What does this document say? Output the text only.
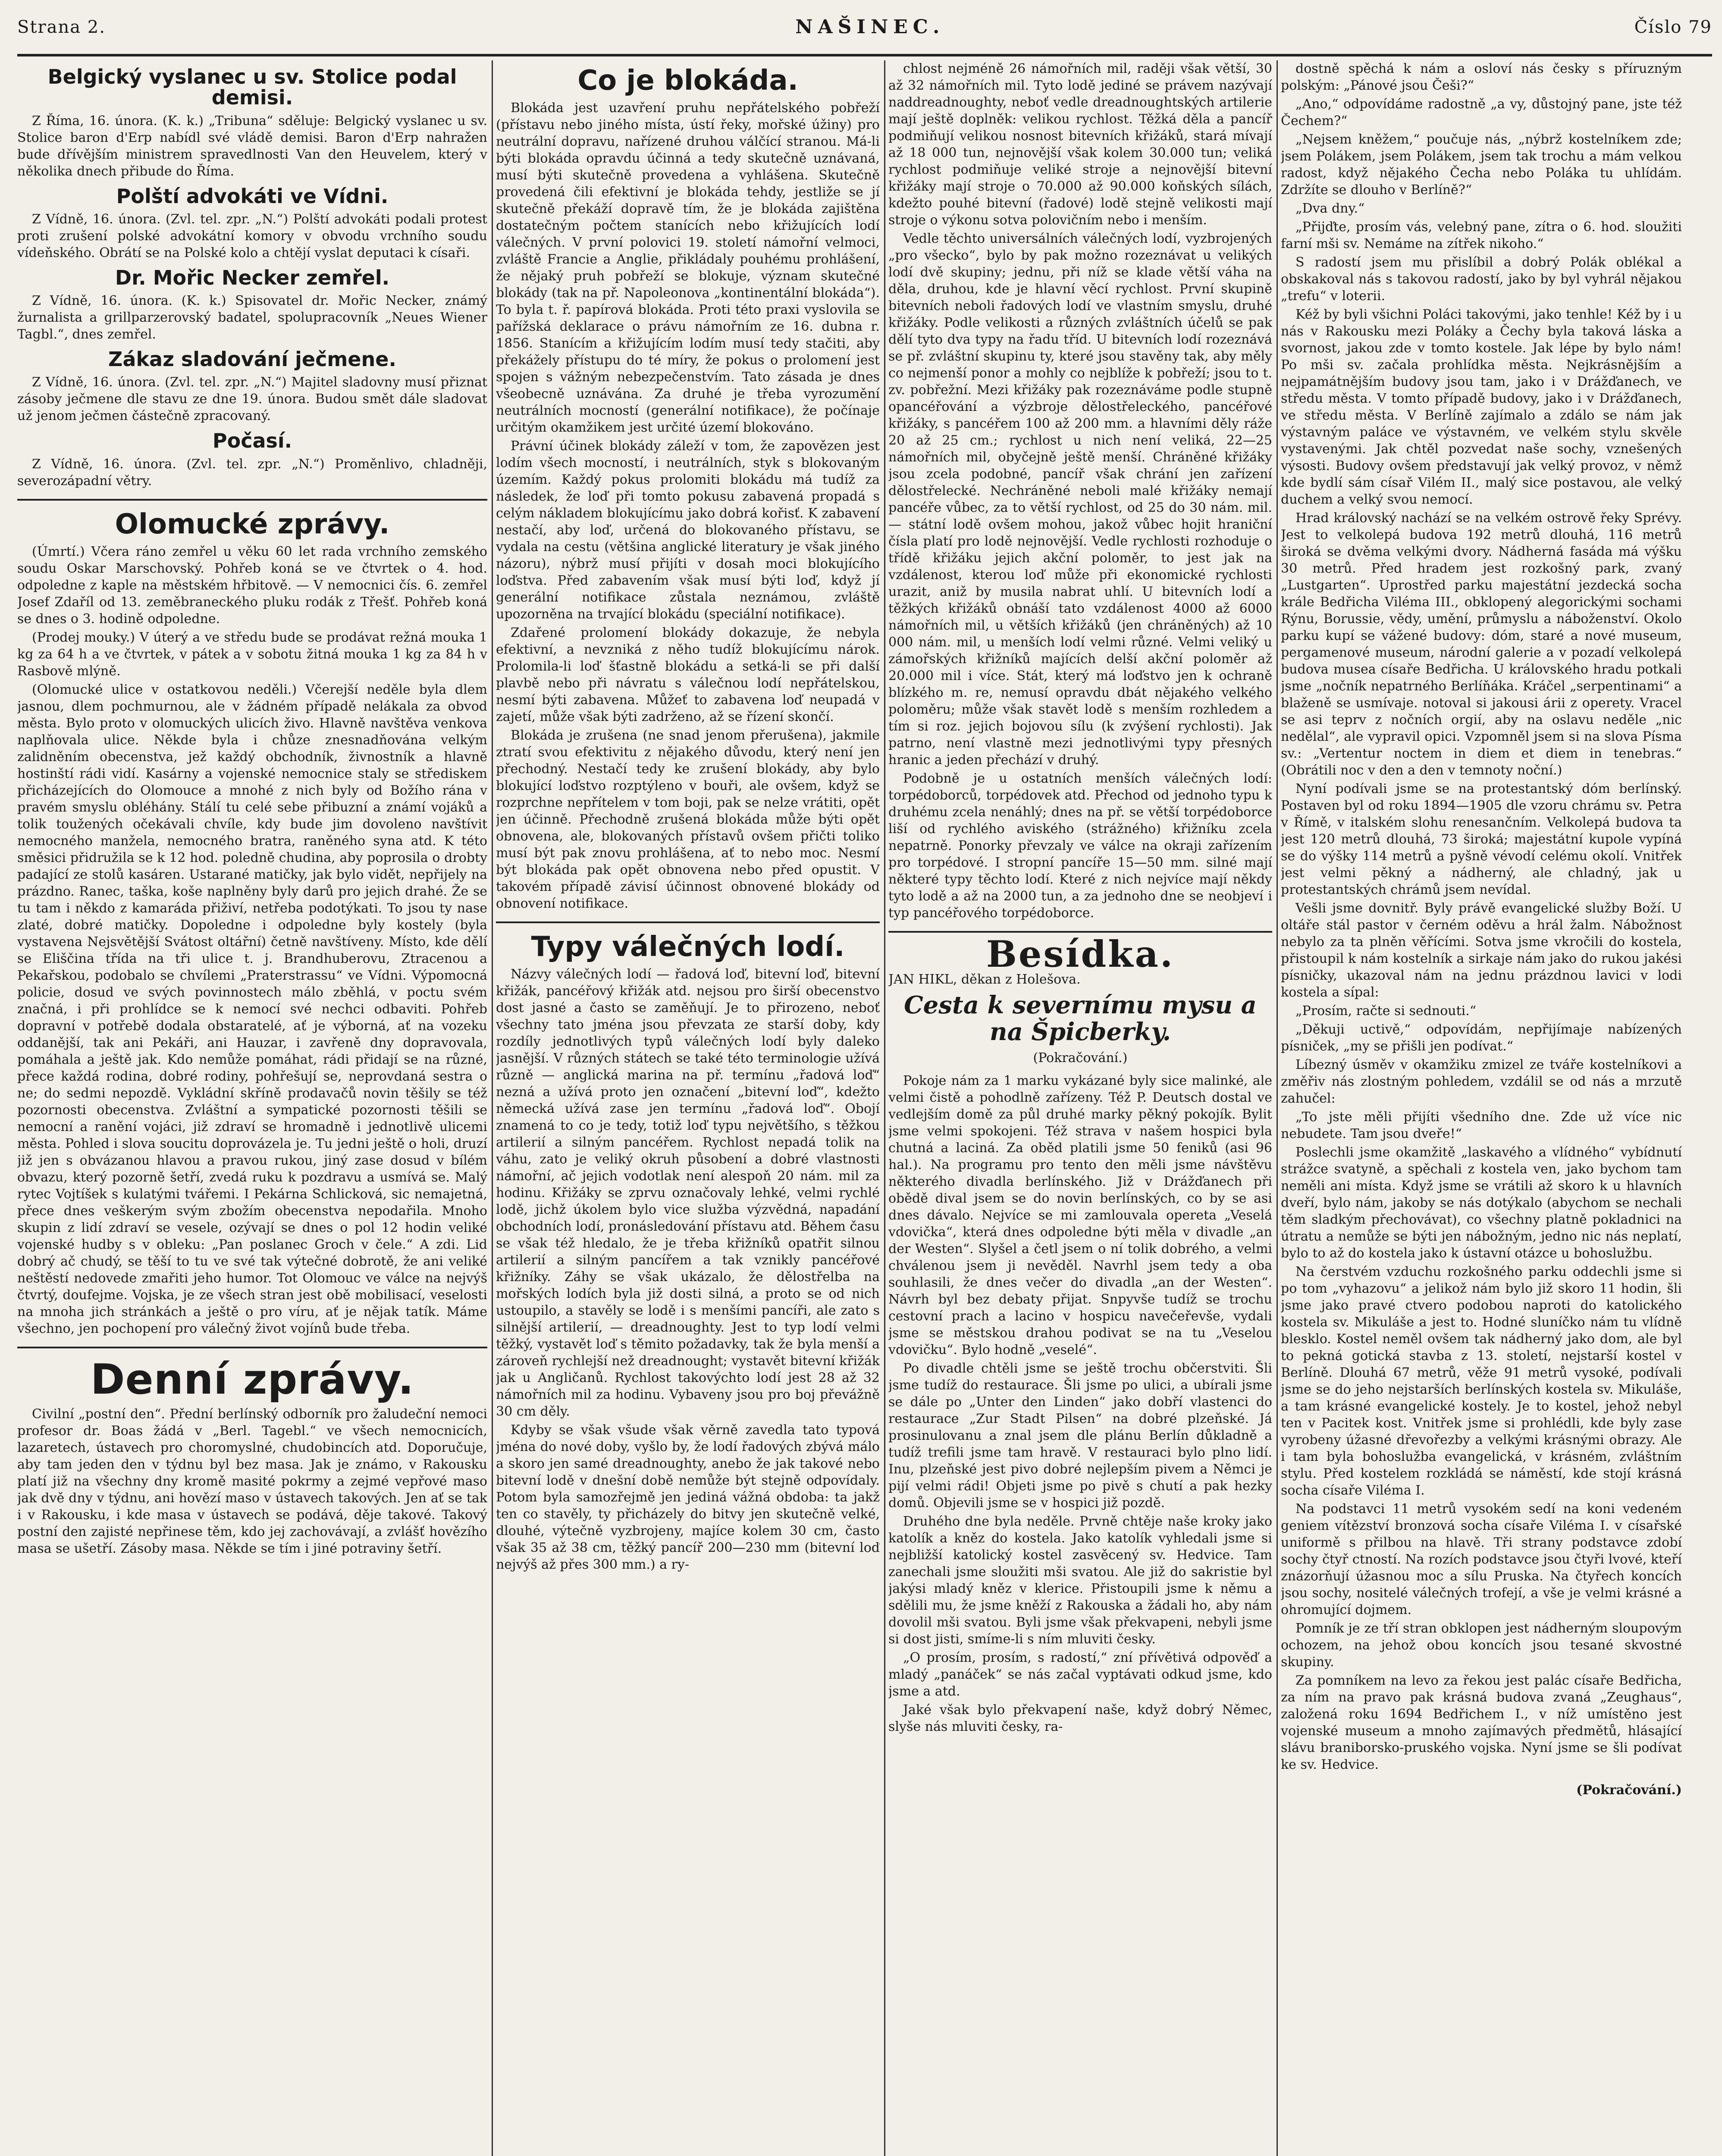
Strana 2.	NAŠINEC.	Číslo 79
Belgický vyslanec u sv. Stolice podal demisi.

Z Říma, 16. února. (K. k.) „Tribuna“ sděluje: Belgický vyslanec u sv. Stolice baron d'Erp nabídl své vládě demisi. Baron d'Erp nahražen bude dřívějším ministrem spravedlnosti Van den Heuvelem, který v několika dnech přibude do Říma.

Polští advokáti ve Vídni.

Z Vídně, 16. února. (Zvl. tel. zpr. „N.“) Polští advokáti podali protest proti zrušení polské advokátní komory v obvodu vrchního soudu vídeňského. Obrátí se na Polské kolo a chtějí vyslat deputaci k císaři.

Dr. Mořic Necker zemřel.

Z Vídně, 16. února. (K. k.) Spisovatel dr. Mořic Necker, známý žurnalista a grillparzerovský badatel, spolupracovník „Neues Wiener Tagbl.“, dnes zemřel.

Zákaz sladování ječmene.

Z Vídně, 16. února. (Zvl. tel. zpr. „N.“) Majitel sladovny musí přiznat zásoby ječmene dle stavu ze dne 19. února. Budou smět dále sladovat už jenom ječmen částečně zpracovaný.

Počasí.

Z Vídně, 16. února. (Zvl. tel. zpr. „N.“) Proměnlivo, chladněji, severozápadní větry.

Olomucké zprávy.

(Úmrtí.) Včera ráno zemřel u věku 60 let rada vrchního zemského soudu Oskar Marschovský. Pohřeb koná se ve čtvrtek o 4. hod. odpoledne z kaple na městském hřbitově. — V nemocnici čís. 6. zemřel Josef Zdaříl od 13. zeměbraneckého pluku rodák z Třešť. Pohřeb koná se dnes o 3. hodině odpoledne.

(Prodej mouky.) V úterý a ve středu bude se prodávat režná mouka 1 kg za 64 h a ve čtvrtek, v pátek a v sobotu žitná mouka 1 kg za 84 h v Rasbově mlýně.

(Olomucké ulice v ostatkovou neděli.) Včerejší neděle byla dlem jasnou, dlem pochmurnou, ale v žádném případě nelákala za obvod města. Bylo proto v olomuckých ulicích živo. Hlavně navštěva venkova naplňovala ulice. Někde byla i chůze znesnadňována velkým zalidněním obecenstva, jež každý obchodník, živnostník a hlavně hostinští rádi vidí. Kasárny a vojenské nemocnice staly se střediskem přicházejících do Olomouce a mnohé z nich byly od Božího rána v pravém smyslu obléhány. Stálí tu celé sebe přibuzní a známí vojáků a tolik toužených očekávali chvíle, kdy bude jim dovoleno navštívit nemocného manžela, nemocného bratra, raněného syna atd. K této směsici přidružila se k 12 hod. poledně chudina, aby poprosila o drobty padající ze stolů kasáren. Ustarané matičky, jak bylo vidět, nepřijely na prázdno. Ranec, taška, koše naplněny byly darů pro jejich drahé. Že se tu tam i někdo z kamaráda přiživí, netřeba podotýkati. To jsou ty nase zlaté, dobré matičky. Dopoledne i odpoledne byly kostely (byla vystavena Nejsvětější Svátost oltářní) četně navštíveny. Místo, kde dělí se Eliščina třída na tři ulice t. j. Brandhuberovu, Ztracenou a Pekařskou, podobalo se chvílemi „Praterstrassu“ ve Vídni. Výpomocná policie, dosud ve svých povinnostech málo zběhlá, v poctu svém značná, i při prohlídce se k nemocí své nechci odbaviti. Pohřeb dopravní v potřebě dodala obstaratelé, ať je výborná, ať na vozeku oddanější, tak ani Pekáři, ani Hauzar, i zavřeně dny dopravovala, pomáhala a ještě jak. Kdo nemůže pomáhat, rádi přidají se na různé, přece každá rodina, dobré rodiny, pohřešují se, neprovdaná sestra o ne; do sedmi nepozdě. Vykládní skříně prodavačů novin těšily se též pozornosti obecenstva. Zvláštní a sympatické pozornosti těšili se nemocní a ranění vojáci, již zdraví se hromadně i jednotlivě ulicemi města. Pohled i slova soucitu doprovázela je. Tu jedni ještě o holi, druzí již jen s obvázanou hlavou a pravou rukou, jiný zase dosud v bílém obvazu, který pozorně šetří, zvedá ruku k pozdravu a usmívá se. Malý rytec Vojtíšek s kulatými tvářemi. I Pekárna Schlicková, sic nemajetná, přece dnes veškerým svým zbožím obecenstva nepodařila. Mnoho skupin z lidí zdraví se vesele, ozývají se dnes o pol 12 hodin veliké vojenské hudby s v obleku: „Pan poslanec Groch v čele.“ A zdi. Lid dobrý ač chudý, se těší to tu ve své tak výtečné dobrotě, že ani veliké neštěstí nedovede zmařiti jeho humor. Tot Olomouc ve válce na nejvýš čtvrtý, doufejme. Vojska, je ze všech stran jest obě mobilisací, veselosti na mnoha jich stránkách a ještě o pro víru, ať je nějak tatík. Máme všechno, jen pochopení pro válečný život vojínů bude třeba.

Denní zprávy.

Civilní „postní den“. Přední berlínský odborník pro žaludeční nemoci profesor dr. Boas žádá v „Berl. Tagebl.“ ve všech nemocnicích, lazaretech, ústavech pro choromyslné, chudobincích atd. Doporučuje, aby tam jeden den v týdnu byl bez masa. Jak je známo, v Rakousku platí již na všechny dny kromě masité pokrmy a zejmé vepřové maso jak dvě dny v týdnu, ani hovězí maso v ústavech takových. Jen ať se tak i v Rakousku, i kde masa v ústavech se podává, děje takové. Takový postní den zajisté nepřinese těm, kdo jej zachovávají, a zvlášť hovězího masa se ušetří. Zásoby masa. Někde se tím i jiné potraviny šetří.

Co je blokáda.

Blokáda jest uzavření pruhu nepřátelského pobřeží (přístavu nebo jiného místa, ústí řeky, mořské úžiny) pro neutrální dopravu, nařízené druhou válčící stranou. Má-li býti blokáda opravdu účinná a tedy skutečně uznávaná, musí býti skutečně provedena a vyhlášena. Skutečně provedená čili efektivní je blokáda tehdy, jestliže se jí skutečně překáží dopravě tím, že je blokáda zajištěna dostatečným počtem stanících nebo křižujících lodí válečných. V první polovici 19. století námořní velmoci, zvláště Francie a Anglie, přikládaly pouhému prohlášení, že nějaký pruh pobřeží se blokuje, význam skutečné blokády (tak na př. Napoleonova „kontinentální blokáda“). To byla t. ř. papírová blokáda. Proti této praxi vyslovila se pařížská deklarace o právu námořním ze 16. dubna r. 1856. Stanícím a křižujícím lodím musí tedy stačiti, aby překážely přístupu do té míry, že pokus o prolomení jest spojen s vážným nebezpečenstvím. Tato zásada je dnes všeobecně uznávána. Za druhé je třeba vyrozumění neutrálních mocností (generální notifikace), že počínaje určitým okamžikem jest určité území blokováno.

Právní účinek blokády záleží v tom, že zapovězen jest lodím všech mocností, i neutrálních, styk s blokovaným územím. Každý pokus prolomiti blokádu má tudíž za následek, že loď při tomto pokusu zabavená propadá s celým nákladem blokujícímu jako dobrá kořisť. K zabavení nestačí, aby loď, určená do blokovaného přístavu, se vydala na cestu (většina anglické literatury je však jiného názoru), nýbrž musí přijíti v dosah moci blokujícího loďstva. Před zabavením však musí býti loď, když jí generální notifikace zůstala neznámou, zvláště upozorněna na trvající blokádu (speciální notifikace).

Zdařené prolomení blokády dokazuje, že nebyla efektivní, a nevzniká z něho tudíž blokujícímu nárok. Prolomila-li loď šťastně blokádu a setká-li se při další plavbě nebo při návratu s válečnou lodí nepřátelskou, nesmí býti zabavena. Můžeť to zabavena loď neupadá v zajetí, může však býti zadrženo, až se řízení skončí.

Blokáda je zrušena (ne snad jenom přerušena), jakmile ztratí svou efektivitu z nějakého důvodu, který není jen přechodný. Nestačí tedy ke zrušení blokády, aby bylo blokující loďstvo rozptýleno v bouři, ale ovšem, když se rozprchne nepřítelem v tom boji, pak se nelze vrátiti, opět jen účinně. Přechodně zrušená blokáda může býti opět obnovena, ale, blokovaných přístavů ovšem přičti toliko musí být pak znovu prohlášena, ať to nebo moc. Nesmí být blokáda pak opět obnovena nebo před opustit. V takovém případě závisí účinnost obnovené blokády od obnovení notifikace.

Typy válečných lodí.

Názvy válečných lodí — řadová loď, bitevní loď, bitevní křižák, pancéřový křižák atd. nejsou pro širší obecenstvo dost jasné a často se zaměňují. Je to přirozeno, neboť všechny tato jména jsou převzata ze starší doby, kdy rozdíly jednotlivých typů válečných lodí byly daleko jasnější. V různých státech se také této terminologie užívá různě — anglická marina na př. termínu „řadová loď“ nezná a užívá proto jen označení „bitevní loď“, kdežto německá užívá zase jen termínu „řadová loď“. Obojí znamená to co je tedy, totiž loď typu největšího, s těžkou artilerií a silným pancéřem. Rychlost nepadá tolik na váhu, zato je veliký okruh působení a dobré vlastnosti námořní, ač jejich vodotlak není alespoň 20 nám. mil za hodinu. Křižáky se zprvu označovaly lehké, velmi rychlé lodě, jichž úkolem bylo vice služba výzvědná, napadání obchodních lodí, pronásledování přístavu atd. Během času se však též hledalo, že je třeba křižníků opatřit silnou artilerií a silným pancířem a tak vznikly pancéřové křižníky. Záhy se však ukázalo, že dělostřelba na mořských lodích byla již dosti silná, a proto se od nich ustoupilo, a stavěly se lodě i s menšími pancíři, ale zato s silnější artilerií, — dreadnoughty. Jest to typ lodí velmi těžký, vystavět loď s těmito požadavky, tak že byla menší a zároveň rychlejší než dreadnought; vystavět bitevní křižák jak u Angličanů. Rychlost takovýchto lodí jest 28 až 32 námořních mil za hodinu. Vybaveny jsou pro boj převážně 30 cm děly.

Kdyby se však všude však věrně zavedla tato typová jména do nové doby, vyšlo by, že lodí řadových zbývá málo a skoro jen samé dreadnoughty, anebo že jak takové nebo bitevní lodě v dnešní době nemůže být stejně odpovídaly. Potom byla samozřejmě jen jediná vážná obdoba: ta jakž ten co stavěly, ty přicházely do bitvy jen skutečně velké, dlouhé, výtečně vyzbrojeny, majíce kolem 30 cm, často však 35 až 38 cm, těžký pancíř 200—230 mm (bitevní loď nejvýš až přes 300 mm.) a ry-

chlost nejméně 26 námořních mil, raději však větší, 30 až 32 námořních mil. Tyto lodě jediné se právem nazývají naddreadnoughty, neboť vedle dreadnoughtských artilerie mají ještě doplněk: velikou rychlost. Těžká děla a pancíř podmiňují velikou nosnost bitevních křižáků, stará mívají až 18 000 tun, nejnovější však kolem 30.000 tun; veliká rychlost podmiňuje veliké stroje a nejnovější bitevní křižáky mají stroje o 70.000 až 90.000 koňských sílách, kdežto pouhé bitevní (řadové) lodě stejně velikosti mají stroje o výkonu sotva polovičním nebo i menším.

Vedle těchto universálních válečných lodí, vyzbrojených „pro všecko“, bylo by pak možno rozeznávat u velikých lodí dvě skupiny; jednu, při níž se klade větší váha na děla, druhou, kde je hlavní věcí rychlost. První skupině bitevních neboli řadových lodí ve vlastním smyslu, druhé křižáky. Podle velikosti a různých zvláštních účelů se pak dělí tyto dva typy na řadu tříd. U bitevních lodí rozeznává se př. zvláštní skupinu ty, které jsou stavěny tak, aby měly co nejmenší ponor a mohly co nejblíže k pobřeží; jsou to t. zv. pobřežní. Mezi křižáky pak rozeznáváme podle stupně opancéřování a výzbroje dělostřeleckého, pancéřové křižáky, s pancéřem 100 až 200 mm. a hlavními děly ráže 20 až 25 cm.; rychlost u nich není veliká, 22—25 námořních mil, obyčejně ještě menší. Chráněné křižáky jsou zcela podobné, pancíř však chrání jen zařízení dělostřelecké. Nechráněné neboli malé křižáky nemají pancéře vůbec, za to větší rychlost, od 25 do 30 nám. mil. — státní lodě ovšem mohou, jakož vůbec hojit hraniční čísla platí pro lodě nejnovější. Vedle rychlosti rozhoduje o třídě křižáku jejich akční poloměr, to jest jak na vzdálenost, kterou loď může při ekonomické rychlosti urazit, aniž by musila nabrat uhlí. U bitevních lodí a těžkých křižáků obnáší tato vzdálenost 4000 až 6000 námořních mil, u větších křižáků (jen chráněných) až 10 000 nám. mil, u menších lodí velmi různé. Velmi veliký u zámořských křižníků majících delší akční poloměr až 20.000 mil i více. Stát, který má loďstvo jen k ochraně blízkého m. re, nemusí opravdu dbát nějakého velkého poloměru; může však stavět lodě s menším rozhledem a tím si roz. jejich bojovou sílu (k zvýšení rychlosti). Jak patrno, není vlastně mezi jednotlivými typy přesných hranic a jeden přechází v druhý.

Podobně je u ostatních menších válečných lodí: torpédoborců, torpédovek atd. Přechod od jednoho typu k druhému zcela nenáhlý; dnes na př. se větší torpédoborce liší od rychlého aviského (strážného) křižníku zcela nepatrně. Ponorky převzaly ve válce na okraji zařízením pro torpédové. I stropní pancíře 15—50 mm. silné mají některé typy těchto lodí. Které z nich nejvíce mají někdy tyto lodě a až na 2000 tun, a za jednoho dne se neobjeví i typ pancéřového torpédoborce.

Besídka.
JAN HIKL, děkan z Holešova.
Cesta k severnímu mysu a na Špicberky.
(Pokračování.)

Pokoje nám za 1 marku vykázané byly sice malinké, ale velmi čistě a pohodlně zařízeny. Též P. Deutsch dostal ve vedlejším domě za půl druhé marky pěkný pokojík. Bylit jsme velmi spokojeni. Též strava v našem hospici byla chutná a laciná. Za oběd platili jsme 50 feniků (asi 96 hal.). Na programu pro tento den měli jsme návštěvu některého divadla berlínského. Již v Drážďanech při obědě dival jsem se do novin berlínských, co by se asi dnes dávalo. Nejvíce se mi zamlouvala opereta „Veselá vdovička“, která dnes odpoledne býti měla v divadle „an der Westen“. Slyšel a četl jsem o ní tolik dobrého, a velmi chválenou jsem ji nevěděl. Navrhl jsem tedy a oba souhlasili, že dnes večer do divadla „an der Westen“. Návrh byl bez debaty přijat. Snpyvše tudíž se trochu cestovní prach a lacino v hospicu navečeřevše, vydali jsme se městskou drahou podivat se na tu „Veselou vdovičku“. Bylo hodně „veselé“.

Po divadle chtěli jsme se ještě trochu občerstviti. Šli jsme tudíž do restaurace. Šli jsme po ulici, a ubírali jsme se dále po „Unter den Linden“ jako dobří vlastenci do restaurace „Zur Stadt Pilsen“ na dobré plzeňské. Já prosinulovanu a znal jsem dle plánu Berlín důkladně a tudíž trefili jsme tam hravě. V restauraci bylo plno lidí. Inu, plzeňské jest pivo dobré nejlepším pivem a Němci je pijí velmi rádi! Objeti jsme po pivě s chutí a pak hezky domů. Objevili jsme se v hospici již pozdě.

Druhého dne byla neděle. Prvně chtěje naše kroky jako katolík a kněz do kostela. Jako katolík vyhledali jsme si nejbližší katolický kostel zasvěcený sv. Hedvice. Tam zanechali jsme sloužiti mši svatou. Ale již do sakristie byl jakýsi mladý kněz v klerice. Přistoupili jsme k němu a sdělili mu, že jsme kněží z Rakouska a žádali ho, aby nám dovolil mši svatou. Byli jsme však překvapeni, nebyli jsme si dost jisti, smíme-li s ním mluviti česky.

„O prosím, prosím, s radostí,“ zní přívětivá odpověď a mladý „panáček“ se nás začal vyptávati odkud jsme, kdo jsme a atd.

Jaké však bylo překvapení naše, když dobrý Němec, slyše nás mluviti česky, ra-

dostně spěchá k nám a osloví nás česky s příruzným polským: „Pánové jsou Češi?“

„Ano,“ odpovídáme radostně „a vy, důstojný pane, jste též Čechem?“

„Nejsem kněžem,“ poučuje nás, „nýbrž kostelníkem zde; jsem Polákem, jsem Polákem, jsem tak trochu a mám velkou radost, když nějakého Čecha nebo Poláka tu uhlídám. Zdržíte se dlouho v Berlíně?“

„Dva dny.“

„Přijďte, prosím vás, velebný pane, zítra o 6. hod. sloužiti farní mši sv. Nemáme na zítřek nikoho.“

S radostí jsem mu přislíbil a dobrý Polák oblékal a obskakoval nás s takovou radostí, jako by byl vyhrál nějakou „trefu“ v loterii.

Kéž by byli všichni Poláci takovými, jako tenhle! Kéž by i u nás v Rakousku mezi Poláky a Čechy byla taková láska a svornost, jakou zde v tomto kostele. Jak lépe by bylo nám! Po mši sv. začala prohlídka města. Nejkrásnějším a nejpamátnějším budovy jsou tam, jako i v Drážďanech, ve středu města. V tomto případě budovy, jako i v Drážďanech, ve středu města. V Berlíně zajímalo a zdálo se nám jak výstavným paláce ve výstavném, ve velkém stylu skvěle vystavenými. Jak chtěl pozvedat naše sochy, vznešených výsosti. Budovy ovšem představují jak velký provoz, v němž kde bydlí sám císař Vilém II., malý sice postavou, ale velký duchem a velký svou nemocí.

Hrad královský nachází se na velkém ostrově řeky Sprévy. Jest to velkolepá budova 192 metrů dlouhá, 116 metrů široká se dvěma velkými dvory. Nádherná fasáda má výšku 30 metrů. Před hradem jest rozkošný park, zvaný „Lustgarten“. Uprostřed parku majestátní jezdecká socha krále Bedřicha Viléma III., obklopený alegorickými sochami Rýnu, Borussie, vědy, umění, průmyslu a náboženství. Okolo parku kupí se vážené budovy: dóm, staré a nové museum, pergamenové museum, národní galerie a v pozadí velkolepá budova musea císaře Bedřicha. U královského hradu potkali jsme „nočník nepatrného Berlíňáka. Kráčel „serpentinami“ a blaženě se usmívaje. notoval si jakousi árii z operety. Vracel se asi teprv z nočních orgií, aby na oslavu neděle „nic nedělal“, ale vypravil opici. Vzpomněl jsem si na slova Písma sv.: „Vertentur noctem in diem et diem in tenebras.“ (Obrátili noc v den a den v temnoty noční.)

Nyní podívali jsme se na protestantský dóm berlínský. Postaven byl od roku 1894—1905 dle vzoru chrámu sv. Petra v Římě, v italském slohu renesančním. Velkolepá budova ta jest 120 metrů dlouhá, 73 široká; majestátní kupole vypíná se do výšky 114 metrů a pyšně vévodí celému okolí. Vnitřek jest velmi pěkný a nádherný, ale chladný, jak u protestantských chrámů jsem nevídal.

Vešli jsme dovnitř. Byly právě evangelické služby Boží. U oltáře stál pastor v černém oděvu a hrál žalm. Nábožnost nebylo za ta plněn věřícími. Sotva jsme vkročili do kostela, přistoupil k nám kostelník a sirkaje nám jako do rukou jakési písničky, ukazoval nám na jednu prázdnou lavici v lodi kostela a sípal:

„Prosím, račte si sednouti.“

„Děkuji uctivě,“ odpovídám, nepřijímaje nabízených písniček, „my se přišli jen podívat.“

Líbezný úsměv v okamžiku zmizel ze tváře kostelníkovi a změřiv nás zlostným pohledem, vzdálil se od nás a mrzutě zahučel:

„To jste měli přijíti všedního dne. Zde už více nic nebudete. Tam jsou dveře!“

Poslechli jsme okamžitě „laskavého a vlídného“ vybídnutí strážce svatyně, a spěchali z kostela ven, jako bychom tam neměli ani místa. Když jsme se vrátili až skoro k u hlavních dveří, bylo nám, jakoby se nás dotýkalo (abychom se nechali těm sladkým přechovávat), co všechny platně pokladnici na útratu a nemůže se býti jen nábožným, jedno nic nás neplatí, bylo to až do kostela jako k ústavní otázce u bohoslužbu.

Na čerstvém vzduchu rozkošného parku oddechli jsme si po tom „vyhazovu“ a jelikož nám bylo již skoro 11 hodin, šli jsme jako pravé ctvero podobou naproti do katolického kostela sv. Mikuláše a jest to. Hodné sluníčko nám tu vlídně blesklo. Kostel neměl ovšem tak nádherný jako dom, ale byl to pekná gotická stavba z 13. století, nejstarší kostel v Berlíně. Dlouhá 67 metrů, věže 91 metrů vysoké, podívali jsme se do jeho nejstarších berlínských kostela sv. Mikuláše, a tam krásné evangelické kostely. Je to kostel, jehož nebyl ten v Pacitek kost. Vnitřek jsme si prohlédli, kde byly zase vyrobeny úžasné dřevořezby a velkými krásnými obrazy. Ale i tam byla bohoslužba evangelická, v krásném, zvláštním stylu. Před kostelem rozkládá se náměstí, kde stojí krásná socha císaře Viléma I.

Na podstavci 11 metrů vysokém sedí na koni vedeném geniem vítězství bronzová socha císaře Viléma I. v císařské uniformě s přilbou na hlavě. Tři strany podstavce zdobí sochy čtyř ctností. Na rozích podstavce jsou čtyři lvové, kteří znázorňují úžasnou moc a sílu Pruska. Na čtyřech koncích jsou sochy, nositelé válečných trofejí, a vše je velmi krásné a ohromující dojmem.

Pomník je ze tří stran obklopen jest nádherným sloupovým ochozem, na jehož obou koncích jsou tesané skvostné skupiny.

Za pomníkem na levo za řekou jest palác císaře Bedřicha, za ním na pravo pak krásná budova zvaná „Zeughaus“, založená roku 1694 Bedřichem I., v níž umístěno jest vojenské museum a mnoho zajímavých předmětů, hlásající slávu braniborsko-pruského vojska. Nyní jsme se šli podívat ke sv. Hedvice.

(Pokračování.)
